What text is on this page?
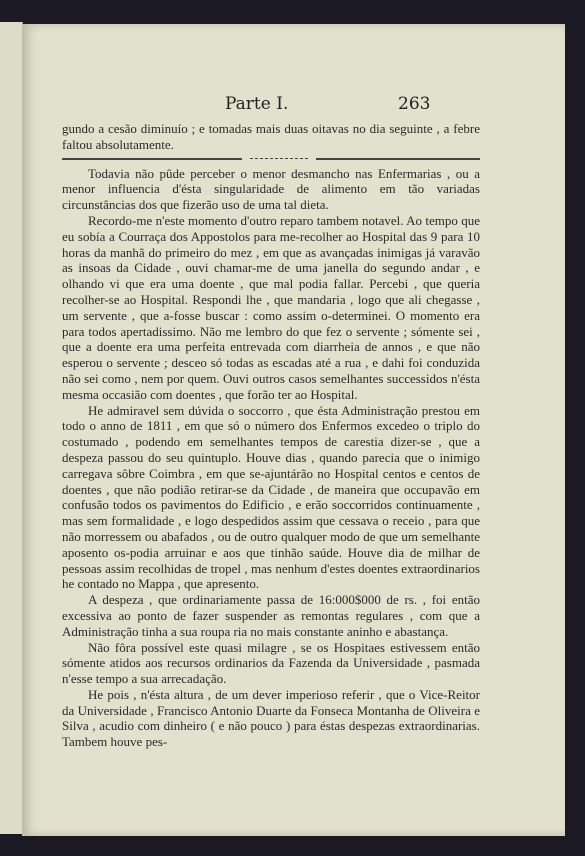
Parte I.	263

gundo a cesão diminuío ; e tomadas mais duas oitavas no dia seguinte , a febre faltou absolutamente.

Todavia não pûde perceber o menor desmancho nas Enfermarias , ou a menor influencia d'ésta singularidade de alimento em tão variadas circunstâncias dos que fizerão uso de uma tal dieta.

Recordo-me n'este momento d'outro reparo tambem notavel. Ao tempo que eu sobía a Courraça dos Appostolos para me-recolher ao Hospital das 9 para 10 horas da manhã do primeiro do mez , em que as avançadas inimigas já varavão as insoas da Cidade , ouvi chamar-me de uma janella do segundo andar , e olhando vi que era uma doente , que mal podia fallar. Percebi , que queria recolher-se ao Hospital. Respondi lhe , que mandaria , logo que ali chegasse , um servente , que a-fosse buscar : como assim o-determinei. O momento era para todos apertadissimo. Não me lembro do que fez o servente ; sómente sei , que a doente era uma perfeita entrevada com diarrheia de annos , e que não esperou o servente ; desceo só todas as escadas até a rua , e dahi foi conduzida não sei como , nem por quem. Ouvi outros casos semelhantes successidos n'ésta mesma occasião com doentes , que forão ter ao Hospital.

He admiravel sem dúvida o soccorro , que ésta Administração prestou em todo o anno de 1811 , em que só o número dos Enfermos excedeo o triplo do costumado , podendo em semelhantes tempos de carestia dizer-se , que a despeza passou do seu quintuplo. Houve dias , quando parecia que o inimigo carregava sôbre Coimbra , em que se-ajuntárão no Hospital centos e centos de doentes , que não podião retirar-se da Cidade , de maneira que occupavão em confusão todos os pavimentos do Edificio , e erão soccorridos continuamente , mas sem formalidade , e logo despedidos assim que cessava o receio , para que não morressem ou abafados , ou de outro qualquer modo de que um semelhante aposento os-podia arruinar e aos que tinhão saúde. Houve dia de milhar de pessoas assim recolhidas de tropel , mas nenhum d'estes doentes extraordinarios he contado no Mappa , que apresento.

A despeza , que ordinariamente passa de 16:000$000 de rs. , foi então excessiva ao ponto de fazer suspender as remontas regulares , com que a Administração tinha a sua roupa ria no mais constante aninho e abastança.

Não fôra possível este quasi milagre , se os Hospitaes estivessem então sómente atidos aos recursos ordinarios da Fazenda da Universidade , pasmada n'esse tempo a sua arrecadação.

He pois , n'ésta altura , de um dever imperioso referir , que o Vice-Reitor da Universidade , Francisco Antonio Duarte da Fonseca Montanha de Oliveira e Silva , acudio com dinheiro ( e não pouco ) para éstas despezas extraordinarias. Tambem houve pes-
